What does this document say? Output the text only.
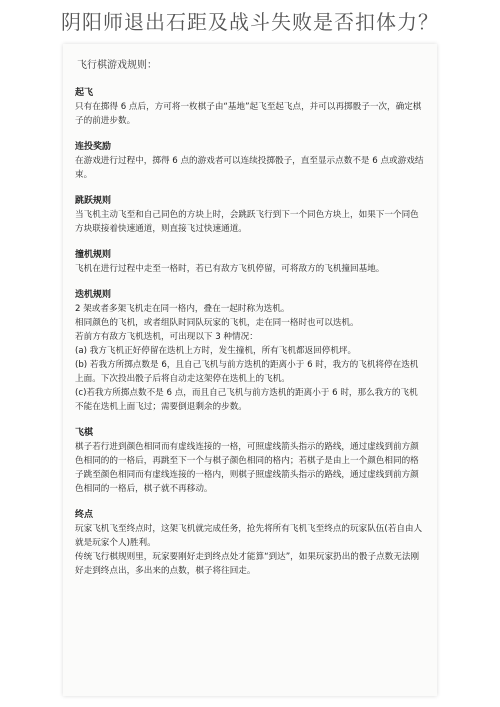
阴阳师退出石距及战斗失败是否扣体力？
飞行棋游戏规则：
起飞
只有在掷得 6 点后，方可将一枚棋子由“基地”起飞至起飞点，并可以再掷骰子一次，确定棋子的前进步数。
连投奖励
在游戏进行过程中，掷得 6 点的游戏者可以连续投掷骰子，直至显示点数不是 6 点或游戏结束。
跳跃规则
当飞机主动飞至和自己同色的方块上时，会跳跃飞行到下一个同色方块上，如果下一个同色方块联接着快速通道，则直接飞过快速通道。
撞机规则
飞机在进行过程中走至一格时，若已有敌方飞机停留，可将敌方的飞机撞回基地。
迭机规则
2 架或者多架飞机走在同一格内，叠在一起时称为迭机。
相同颜色的飞机，或者组队时同队玩家的飞机，走在同一格时也可以迭机。
若前方有敌方飞机迭机，可出现以下 3 种情况：
(a) 我方飞机正好停留在迭机上方时，发生撞机，所有飞机都返回停机坪。
(b) 若我方所掷点数是 6，且自己飞机与前方迭机的距离小于 6 时，我方的飞机将停在迭机上面。下次投出骰子后将自动走这架停在迭机上的飞机。
(c)若我方所掷点数不是 6 点，而且自己飞机与前方迭机的距离小于 6 时，那么我方的飞机不能在迭机上面飞过；需要倒退剩余的步数。
飞棋
棋子若行进到颜色相同而有虚线连接的一格，可照虚线箭头指示的路线，通过虚线到前方颜色相同的的一格后，再跳至下一个与棋子颜色相同的格内；若棋子是由上一个颜色相同的格子跳至颜色相同而有虚线连接的一格内，则棋子照虚线箭头指示的路线，通过虚线到前方颜色相同的一格后，棋子就不再移动。
终点
玩家飞机飞至终点时，这架飞机就完成任务，抢先将所有飞机飞至终点的玩家队伍(若自由人就是玩家个人)胜利。
传统飞行棋规则里，玩家要刚好走到终点处才能算“到达”，如果玩家扔出的骰子点数无法刚好走到终点出，多出来的点数，棋子将往回走。
